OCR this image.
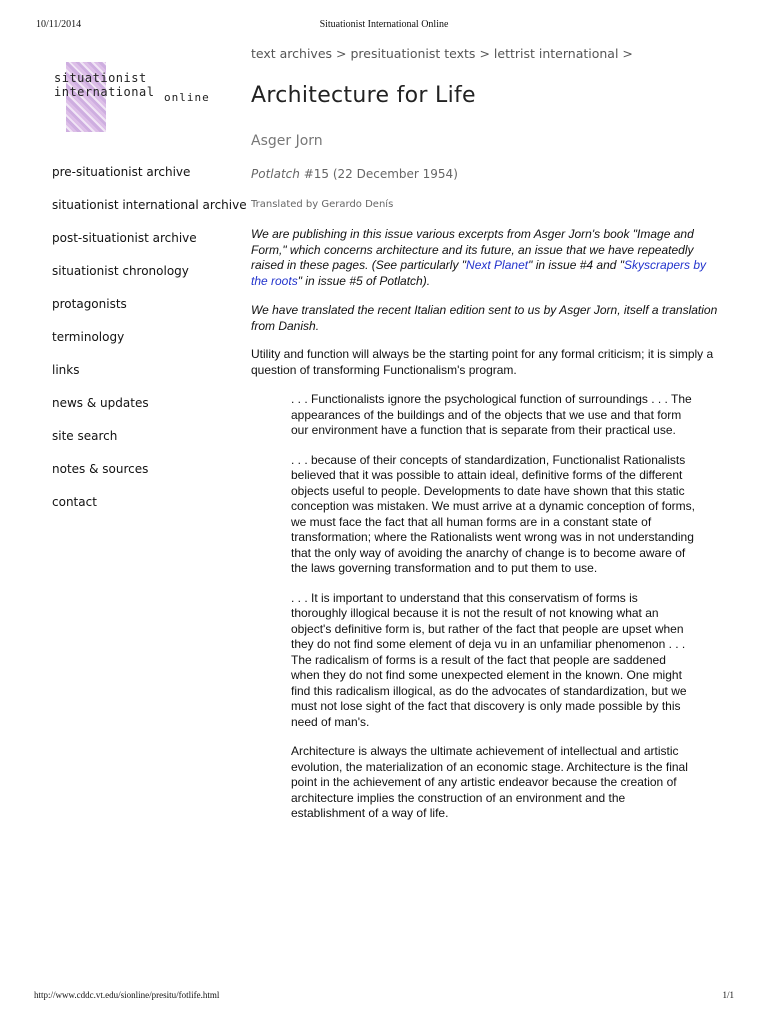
10/11/2014	Situationist International Online
situationist international online
pre-situationist archive
situationist international archive
post-situationist archive
situationist chronology
protagonists
terminology
links
news & updates
site search
notes & sources
contact
text archives > presituationist texts > lettrist international >
Architecture for Life
Asger Jorn
Potlatch #15 (22 December 1954)
Translated by Gerardo Denís

We are publishing in this issue various excerpts from Asger Jorn's book "Image and Form," which concerns architecture and its future, an issue that we have repeatedly raised in these pages. (See particularly "Next Planet" in issue #4 and "Skyscrapers by the roots" in issue #5 of Potlatch).

We have translated the recent Italian edition sent to us by Asger Jorn, itself a translation from Danish.

Utility and function will always be the starting point for any formal criticism; it is simply a question of transforming Functionalism's program.

. . . Functionalists ignore the psychological function of surroundings . . . The appearances of the buildings and of the objects that we use and that form our environment have a function that is separate from their practical use.

. . . because of their concepts of standardization, Functionalist Rationalists believed that it was possible to attain ideal, definitive forms of the different objects useful to people. Developments to date have shown that this static conception was mistaken. We must arrive at a dynamic conception of forms, we must face the fact that all human forms are in a constant state of transformation; where the Rationalists went wrong was in not understanding that the only way of avoiding the anarchy of change is to become aware of the laws governing transformation and to put them to use.

. . . It is important to understand that this conservatism of forms is thoroughly illogical because it is not the result of not knowing what an object's definitive form is, but rather of the fact that people are upset when they do not find some element of deja vu in an unfamiliar phenomenon . . . The radicalism of forms is a result of the fact that people are saddened when they do not find some unexpected element in the known. One might find this radicalism illogical, as do the advocates of standardization, but we must not lose sight of the fact that discovery is only made possible by this need of man's.

Architecture is always the ultimate achievement of intellectual and artistic evolution, the materialization of an economic stage. Architecture is the final point in the achievement of any artistic endeavor because the creation of architecture implies the construction of an environment and the establishment of a way of life.

http://www.cddc.vt.edu/sionline/presitu/fotlife.html	1/1
